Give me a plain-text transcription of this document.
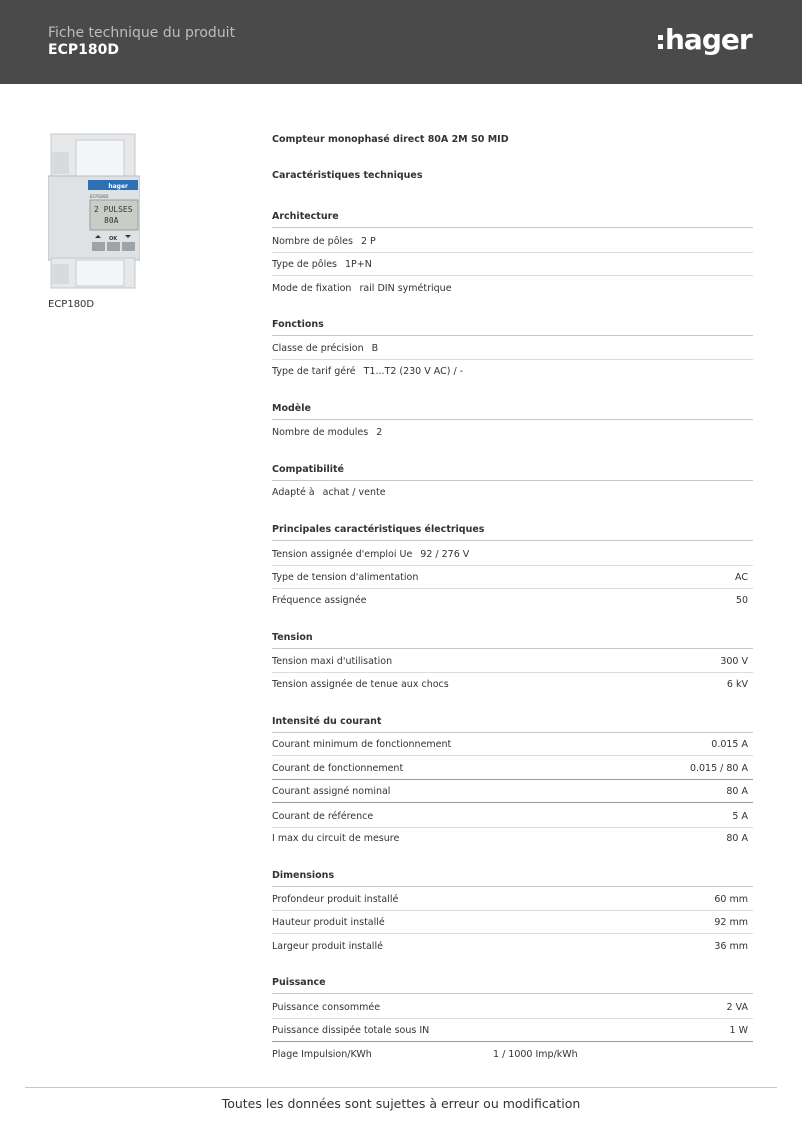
Fiche technique du produit
ECP180D	hager
hager
ECP180D
2 PULSES
80A
OK
ECP180D
Compteur monophasé direct 80A 2M S0 MID
Caractéristiques techniques
Architecture
Nombre de pôles 2 P
Type de pôles 1P+N
Mode de fixation rail DIN symétrique
Fonctions
Classe de précision B
Type de tarif géré T1...T2 (230 V AC) / -
Modèle
Nombre de modules 2
Compatibilité
Adapté à achat / vente
Principales caractéristiques électriques
Tension assignée d'emploi Ue 92 / 276 V
Type de tension d'alimentation	AC
Fréquence assignée	50
Tension
Tension maxi d'utilisation	300 V
Tension assignée de tenue aux chocs	6 kV
Intensité du courant
Courant minimum de fonctionnement	0.015 A
Courant de fonctionnement	0.015 / 80 A
Courant assigné nominal	80 A
Courant de référence	5 A
I max du circuit de mesure	80 A
Dimensions
Profondeur produit installé	60 mm
Hauteur produit installé	92 mm
Largeur produit installé	36 mm
Puissance
Puissance consommée	2 VA
Puissance dissipée totale sous IN	1 W
Plage Impulsion/KWh	1 / 1000 Imp/kWh
Toutes les données sont sujettes à erreur ou modification
